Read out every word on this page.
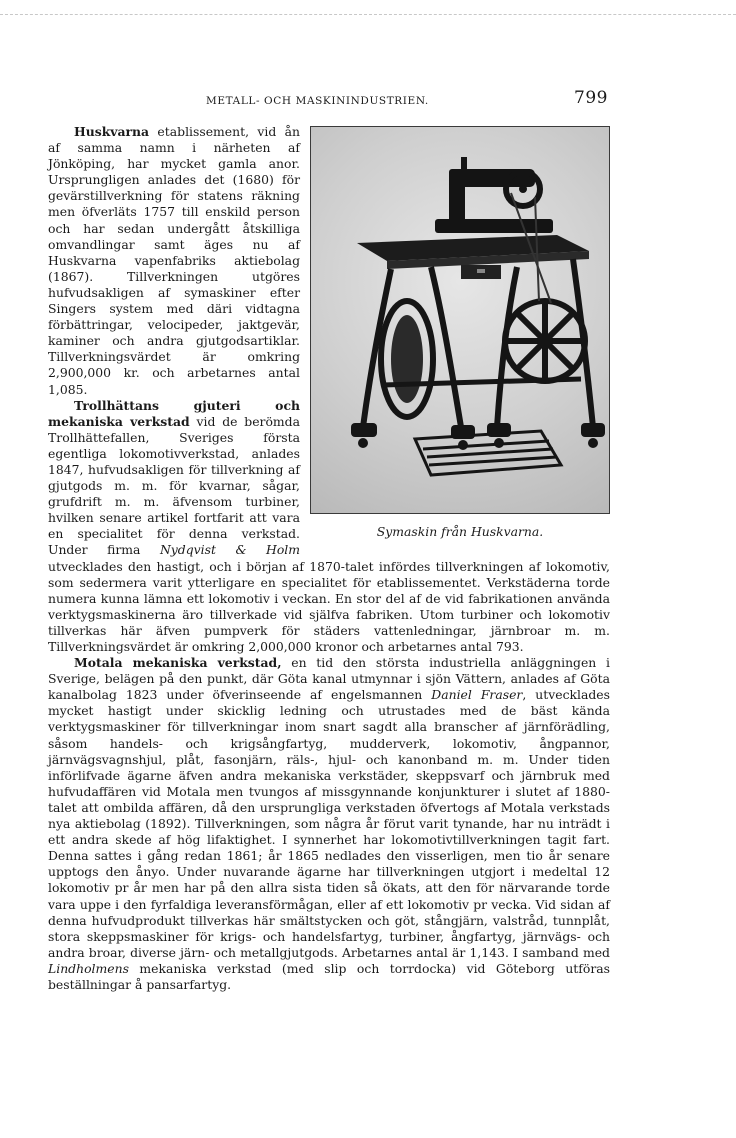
METALL- OCH MASKININDUSTRIEN.	799
Symaskin från Huskvarna.

Huskvarna etablissement, vid ån af samma namn i närheten af Jönköping, har mycket gamla anor. Ursprungligen anlades det (1680) för gevärstillverkning för statens räkning men öfverläts 1757 till enskild person och har sedan undergått åtskilliga omvandlingar samt äges nu af Huskvarna vapenfabriks aktiebolag (1867). Tillverkningen utgöres hufvudsakligen af symaskiner efter Singers system med däri vidtagna förbättringar, velocipeder, jaktgevär, kaminer och andra gjutgodsartiklar. Tillverkningsvärdet är omkring 2,900,000 kr. och arbetarnes antal 1,085.

Trollhättans gjuteri och mekaniska verkstad vid de berömda Trollhättefallen, Sveriges första egentliga lokomotivverkstad, anlades 1847, hufvudsakligen för tillverkning af gjutgods m. m. för kvarnar, sågar, grufdrift m. m. äfvensom turbiner, hvilken senare artikel fortfarit att vara en specialitet för denna verkstad. Under firma Nydqvist & Holm utvecklades den hastigt, och i början af 1870-talet infördes tillverkningen af lokomotiv, som sedermera varit ytterligare en specialitet för etablissementet. Verkstäderna torde numera kunna lämna ett lokomotiv i veckan. En stor del af de vid fabrikationen använda verktygsmaskinerna äro tillverkade vid själfva fabriken. Utom turbiner och lokomotiv tillverkas här äfven pumpverk för städers vattenledningar, järnbroar m. m. Tillverkningsvärdet är omkring 2,000,000 kronor och arbetarnes antal 793.

Motala mekaniska verkstad, en tid den största industriella anläggningen i Sverige, belägen på den punkt, där Göta kanal utmynnar i sjön Vättern, anlades af Göta kanalbolag 1823 under öfverinseende af engelsmannen Daniel Fraser, utvecklades mycket hastigt under skicklig ledning och utrustades med de bäst kända verktygsmaskiner för tillverkningar inom snart sagdt alla branscher af järnförädling, såsom handels- och krigsångfartyg, mudderverk, lokomotiv, ångpannor, järnvägsvagnshjul, plåt, fasonjärn, räls-, hjul- och kanonband m. m. Under tiden införlifvade ägarne äfven andra mekaniska verkstäder, skeppsvarf och järnbruk med hufvudaffären vid Motala men tvungos af missgynnande konjunkturer i slutet af 1880-talet att ombilda affären, då den ursprungliga verkstaden öfvertogs af Motala verkstads nya aktiebolag (1892). Tillverkningen, som några år förut varit tynande, har nu inträdt i ett andra skede af hög lifaktighet. I synnerhet har lokomotivtillverkningen tagit fart. Denna sattes i gång redan 1861; år 1865 nedlades den visserligen, men tio år senare upptogs den ånyo. Under nuvarande ägarne har tillverkningen utgjort i medeltal 12 lokomotiv pr år men har på den allra sista tiden så ökats, att den för närvarande torde vara uppe i den fyrfaldiga leveransförmågan, eller af ett lokomotiv pr vecka. Vid sidan af denna hufvudprodukt tillverkas här smältstycken och göt, stångjärn, valstråd, tunnplåt, stora skeppsmaskiner för krigs- och handelsfartyg, turbiner, ångfartyg, järnvägs- och andra broar, diverse järn- och metallgjutgods. Arbetarnes antal är 1,143. I samband med Lindholmens mekaniska verkstad (med slip och torrdocka) vid Göteborg utföras beställningar å pansarfartyg.
